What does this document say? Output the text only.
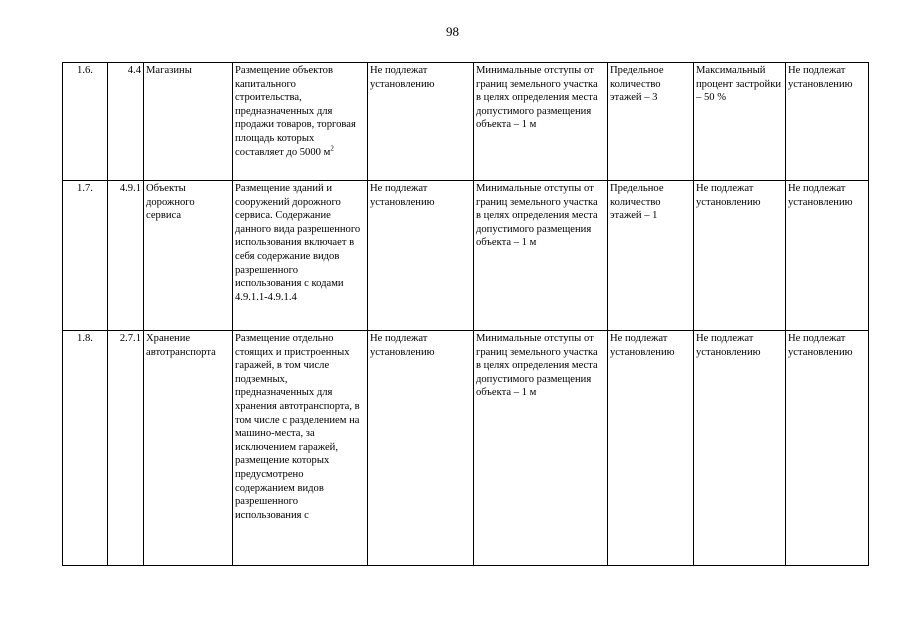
98
1.6.	4.4	Магазины	Размещение объектов капитального строительства, предназначенных для продажи товаров, торговая площадь которых составляет до 5000 $м^2$	Не подлежат установлению	Минимальные отступы от границ земельного участка в целях определения места допустимого размещения объекта – 1 м	Предельное количество этажей – 3	Максимальный процент застройки – 50 %	Не подлежат установлению
1.7.	4.9.1	Объекты дорожного сервиса	Размещение зданий и сооружений дорожного сервиса. Содержание данного вида разрешенного использования включает в себя содержание видов разрешенного использования с кодами 4.9.1.1-4.9.1.4	Не подлежат установлению	Минимальные отступы от границ земельного участка в целях определения места допустимого размещения объекта – 1 м	Предельное количество этажей – 1	Не подлежат установлению	Не подлежат установлению
1.8.	2.7.1	Хранение автотранспорта	Размещение отдельно стоящих и пристроенных гаражей, в том числе подземных, предназначенных для хранения автотранспорта, в том числе с разделением на машино-места, за исключением гаражей, размещение которых предусмотрено содержанием видов разрешенного использования с	Не подлежат установлению	Минимальные отступы от границ земельного участка в целях определения места допустимого размещения объекта – 1 м	Не подлежат установлению	Не подлежат установлению	Не подлежат установлению
